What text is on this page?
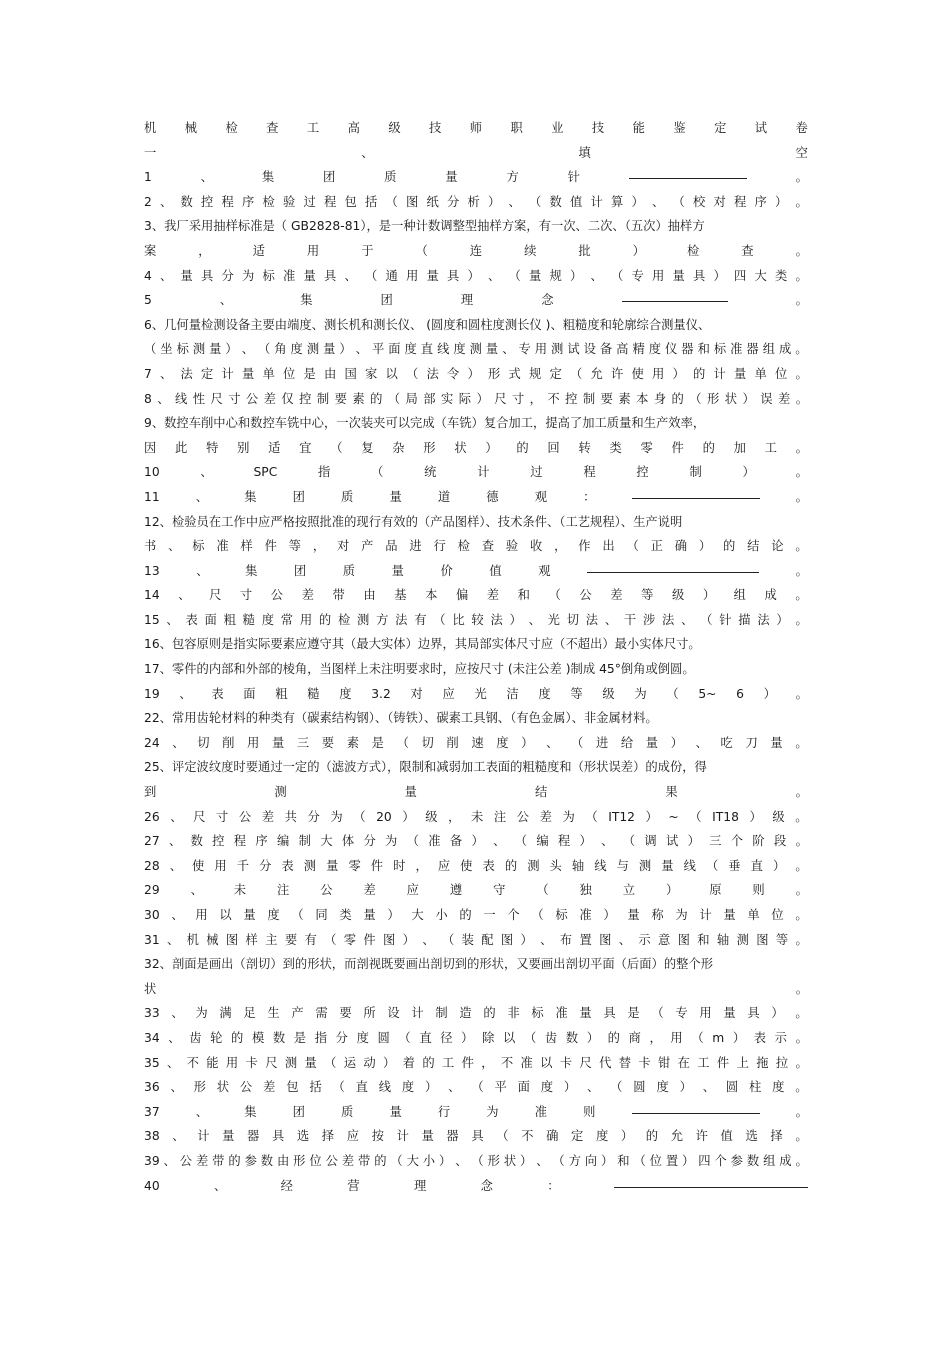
机 械 检 查 工 高 级 技 师 职 业 技 能 鉴 定 试 卷
一	、	填	空
1	、	集	团	质	量	方	针	。
2 、 数 控 程 序 检 验 过 程 包 括 （ 图 纸 分 析 ） 、 （ 数 值 计 算 ） 、 （ 校 对 程 序 ） 。
3、我厂采用抽样标准是（ GB2828-81），是一种计数调整型抽样方案，有一次、二次、（五次）抽样方
案	，	适	用	于	（	连	续	批	）	检	查	。
4 、 量 具 分 为 标 准 量 具 、 （ 通 用 量 具 ） 、 （ 量 规 ） 、 （ 专 用 量 具 ） 四 大 类 。
5	、	集	团	理	念	。
6、几何量检测设备主要由端度、测长机和测长仪、 (圆度和圆柱度测长仪 )、粗糙度和轮廓综合测量仪、
（ 坐 标 测 量 ） 、 （ 角 度 测 量 ） 、 平 面 度 直 线 度 测 量 、 专 用 测 试 设 备 高 精 度 仪 器 和 标 准 器 组 成 。
7 、 法 定 计 量 单 位 是 由 国 家 以 （ 法 令 ） 形 式 规 定 （ 允 许 使 用 ） 的 计 量 单 位 。
8 、 线 性 尺 寸 公 差 仅 控 制 要 素 的 （ 局 部 实 际 ） 尺 寸 ， 不 控 制 要 素 本 身 的 （ 形 状 ） 误 差 。
9、数控车削中心和数控车铣中心，一次装夹可以完成（车铣）复合加工，提高了加工质量和生产效率，
因 此 特 别 适 宜 （ 复 杂 形 状 ） 的 回 转 类 零 件 的 加 工 。
10	、	SPC	指	（	统	计	过	程	控	制	）	。
11	、	集	团	质	量	道	德	观	：	。
12、检验员在工作中应严格按照批准的现行有效的（产品图样）、技术条件、（工艺规程）、生产说明
书 、 标 准 样 件 等 ， 对 产 品 进 行 检 查 验 收 ， 作 出 （ 正 确 ） 的 结 论 。
13	、	集	团	质	量	价	值	观	。
14 、 尺 寸 公 差 带 由 基 本 偏 差 和 （ 公 差 等 级 ） 组 成 。
15 、 表 面 粗 糙 度 常 用 的 检 测 方 法 有 （ 比 较 法 ） 、 光 切 法 、 干 涉 法 、 （ 针 描 法 ） 。
16、包容原则是指实际要素应遵守其（最大实体）边界，其局部实体尺寸应（不超出）最小实体尺寸。
17、零件的内部和外部的棱角，当图样上未注明要求时，应按尺寸 (未注公差 )制成 45°倒角或倒圆。
19 、 表 面 粗 糙 度 3.2 对 应 光 洁 度 等 级 为 （ 5~ 6 ） 。
22、常用齿轮材料的种类有（碳素结构钢）、（铸铁）、碳素工具钢、（有色金属）、非金属材料。
24 、 切 削 用 量 三 要 素 是 （ 切 削 速 度 ） 、 （ 进 给 量 ） 、 吃 刀 量 。
25、评定波纹度时要通过一定的（滤波方式），限制和减弱加工表面的粗糙度和（形状误差）的成份，得
到	测	量	结	果	。
26 、 尺 寸 公 差 共 分 为 （ 20 ） 级 ， 未 注 公 差 为 （ IT12 ） ~ （ IT18 ） 级 。
27 、 数 控 程 序 编 制 大 体 分 为 （ 准 备 ） 、 （ 编 程 ） 、 （ 调 试 ） 三 个 阶 段 。
28 、 使 用 千 分 表 测 量 零 件 时 ， 应 使 表 的 测 头 轴 线 与 测 量 线 （ 垂 直 ） 。
29	、	未	注	公	差	应	遵	守	（	独	立	）	原	则	。
30 、 用 以 量 度 （ 同 类 量 ） 大 小 的 一 个 （ 标 准 ） 量 称 为 计 量 单 位 。
31 、 机 械 图 样 主 要 有 （ 零 件 图 ） 、 （ 装 配 图 ） 、 布 置 图 、 示 意 图 和 轴 测 图 等 。
32、剖面是画出（剖切）到的形状，而剖视既要画出剖切到的形状，又要画出剖切平面（后面）的整个形
状	。
33 、 为 满 足 生 产 需 要 所 设 计 制 造 的 非 标 准 量 具 是 （ 专 用 量 具 ） 。
34 、 齿 轮 的 模 数 是 指 分 度 圆 （ 直 径 ） 除 以 （ 齿 数 ） 的 商 ， 用 （ m ） 表 示 。
35 、 不 能 用 卡 尺 测 量 （ 运 动 ） 着 的 工 件 ， 不 准 以 卡 尺 代 替 卡 钳 在 工 件 上 拖 拉 。
36 、 形 状 公 差 包 括 （ 直 线 度 ） 、 （ 平 面 度 ） 、 （ 圆 度 ） 、 圆 柱 度 。
37	、	集	团	质	量	行	为	准	则	。
38 、 计 量 器 具 选 择 应 按 计 量 器 具 （ 不 确 定 度 ） 的 允 许 值 选 择 。
39 、 公 差 带 的 参 数 由 形 位 公 差 带 的 （ 大 小 ） 、 （ 形 状 ） 、 （ 方 向 ） 和 （ 位 置 ） 四 个 参 数 组 成 。
40	、	经	营	理	念	：
